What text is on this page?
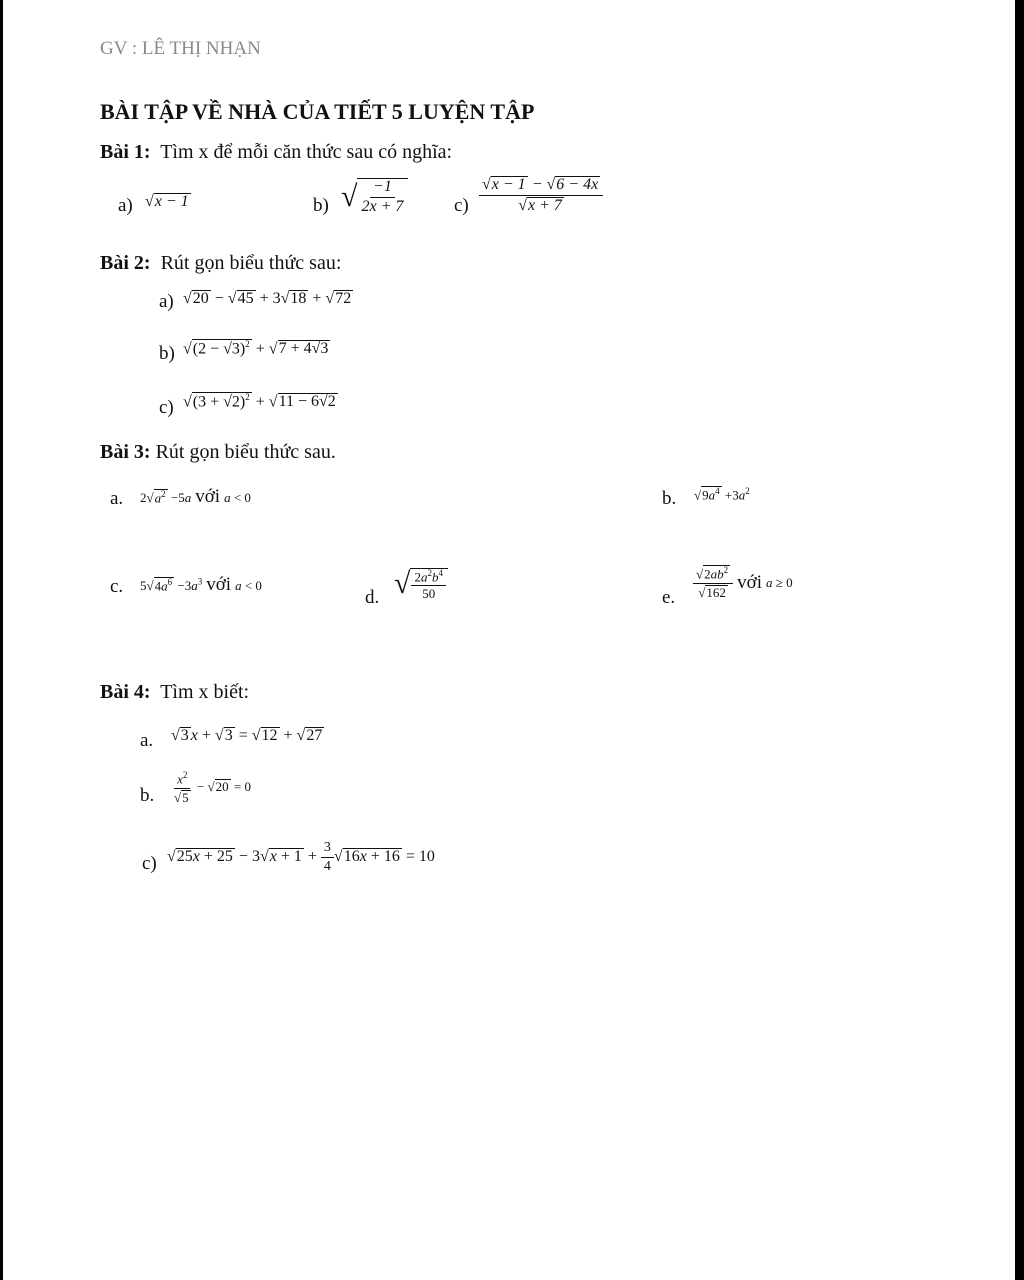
GV : LÊ THỊ NHẠN
BÀI TẬP VỀ NHÀ CỦA TIẾT 5 LUYỆN TẬP
Bài 1: Tìm x để mỗi căn thức sau có nghĩa:
a) √x − 1	b) √ $\frac{-1}{2x + 7}$	$c) \frac{√x - 1 - √6 - 4x}{√x + 7}$
Bài 2: Rút gọn biểu thức sau:
a) √20 − √45 + 3√18 + √72
b) $√(2 - √3)^2 + √7 + 4√3$
c) $√(3 + √2)^2 + √11 - 6√2$
Bài 3: Rút gọn biểu thức sau.
a. $2√a^2 -5a$ với a < 0	b. $√9a^4 +3a^2$
c. $5√4a^6 -3a^3$ với a < 0
d. √ $\frac{2a^2b^4}{50}$	e. $\frac{√2ab^2}{√162}$ với a ≥ 0
Bài 4: Tìm x biết:
a. √3 x + √3 = √12 + √27
b. $\frac{x^2}{√5} - √20 = 0$
c) $√25x + 25 - 3√x + 1 + \frac{3}{4} √16x + 16 = 10$
